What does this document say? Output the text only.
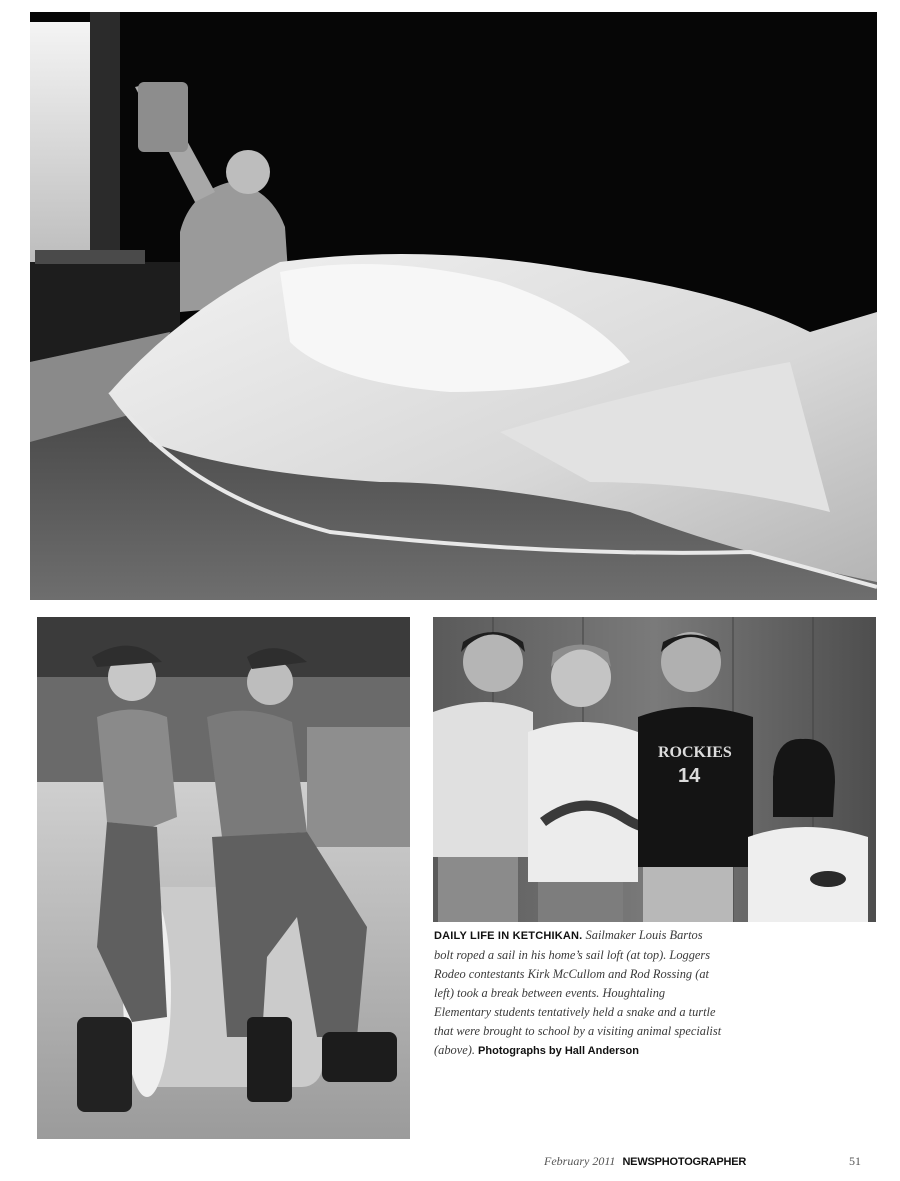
ROCKIES
14
DAILY LIFE IN KETCHIKAN. Sailmaker Louis Bartos bolt roped a sail in his home’s sail loft (at top). Loggers Rodeo contestants Kirk McCullom and Rod Rossing (at left) took a break between events. Houghtaling Elementary students tentatively held a snake and a turtle that were brought to school by a visiting animal specialist (above). Photographs by Hall Anderson
February 2011 NEWSPHOTOGRAPHER	51
